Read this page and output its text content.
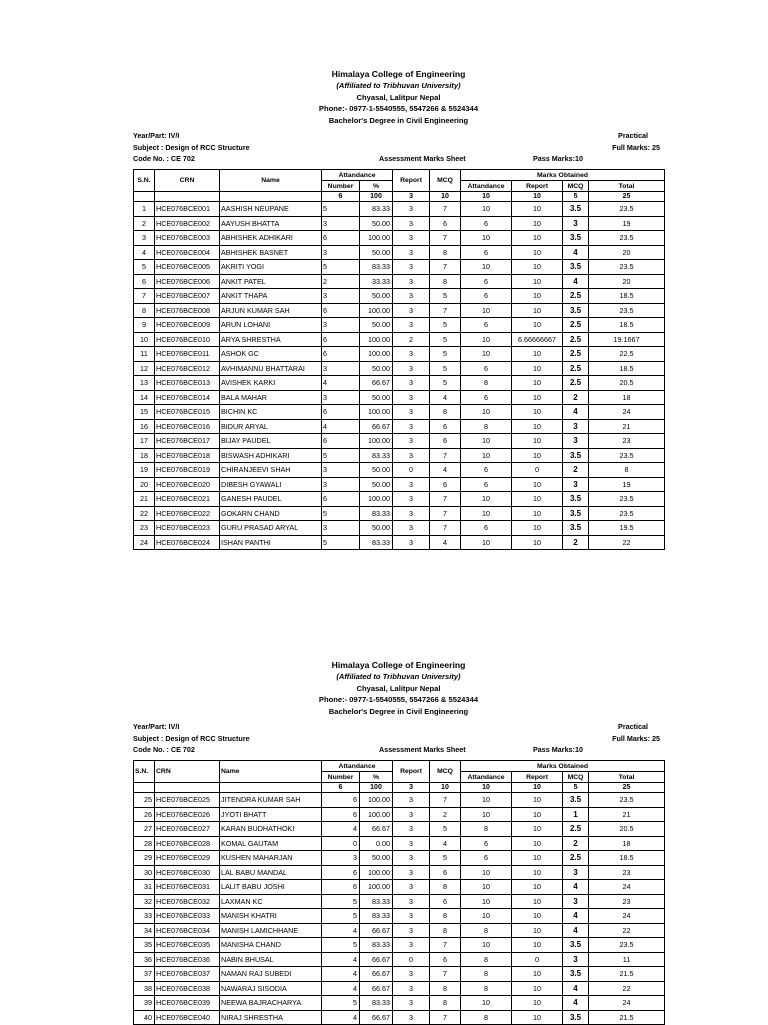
Himalaya College of Engineering
(Affiliated to Tribhuvan University)
Chyasal, Lalitpur Nepal
Phone:- 0977-1-5540555, 5547266 & 5524344
Bachelor's Degree in Civil Engineering
Year/Part: IV/I
Subject : Design of RCC Structure
Code No. : CE 702
Practical
Full Marks: 25
Assessment Marks Sheet	Pass Marks:10
S.N.	CRN	Name	Attandance		Report	MCQ	Marks Obtained			
			Number	%			Attandance	Report	MCQ	Total
			6	100	3	10	10	10	5	25
1	HCE076BCE001	AASHISH NEUPANE	5	83.33	3	7	10	10	3.5	23.5
2	HCE076BCE002	AAYUSH BHATTA	3	50.00	3	6	6	10	3	19
3	HCE076BCE003	ABHISHEK ADHIKARI	6	100.00	3	7	10	10	3.5	23.5
4	HCE076BCE004	ABHISHEK BASNET	3	50.00	3	8	6	10	4	20
5	HCE076BCE005	AKRITI YOGI	5	83.33	3	7	10	10	3.5	23.5
6	HCE076BCE006	ANKIT PATEL	2	33.33	3	8	6	10	4	20
7	HCE076BCE007	ANKIT THAPA	3	50.00	3	5	6	10	2.5	18.5
8	HCE076BCE008	ARJUN KUMAR SAH	6	100.00	3	7	10	10	3.5	23.5
9	HCE076BCE009	ARUN LOHANI	3	50.00	3	5	6	10	2.5	18.5
10	HCE076BCE010	ARYA SHRESTHA	6	100.00	2	5	10	6.66666667	2.5	19.1667
11	HCE076BCE011	ASHOK GC	6	100.00	3	5	10	10	2.5	22.5
12	HCE076BCE012	AVHIMANNU BHATTARAI	3	50.00	3	5	6	10	2.5	18.5
13	HCE076BCE013	AVISHEK KARKI	4	66.67	3	5	8	10	2.5	20.5
14	HCE076BCE014	BALA MAHAR	3	50.00	3	4	6	10	2	18
15	HCE076BCE015	BICHIN KC	6	100.00	3	8	10	10	4	24
16	HCE076BCE016	BIDUR ARYAL	4	66.67	3	6	8	10	3	21
17	HCE076BCE017	BIJAY PAUDEL	6	100.00	3	6	10	10	3	23
18	HCE076BCE018	BISWASH ADHIKARI	5	83.33	3	7	10	10	3.5	23.5
19	HCE076BCE019	CHIRANJEEVI SHAH	3	50.00	0	4	6	0	2	8
20	HCE076BCE020	DIBESH GYAWALI	3	50.00	3	6	6	10	3	19
21	HCE076BCE021	GANESH PAUDEL	6	100.00	3	7	10	10	3.5	23.5
22	HCE076BCE022	GOKARN CHAND	5	83.33	3	7	10	10	3.5	23.5
23	HCE076BCE023	GURU PRASAD ARYAL	3	50.00	3	7	6	10	3.5	19.5
24	HCE076BCE024	ISHAN PANTHI	5	83.33	3	4	10	10	2	22
Himalaya College of Engineering
(Affiliated to Tribhuvan University)
Chyasal, Lalitpur Nepal
Phone:- 0977-1-5540555, 5547266 & 5524344
Bachelor's Degree in Civil Engineering
Year/Part: IV/I
Subject : Design of RCC Structure
Code No. : CE 702
Practical
Full Marks: 25
Assessment Marks Sheet	Pass Marks:10
S.N.	CRN	Name	Attandance		Report	MCQ	Marks Obtained			
			Number	%			Attandance	Report	MCQ	Total
			6	100	3	10	10	10	5	25
25	HCE076BCE025	JITENDRA KUMAR SAH	6	100.00	3	7	10	10	3.5	23.5
26	HCE076BCE026	JYOTI BHATT	6	100.00	3	2	10	10	1	21
27	HCE076BCE027	KARAN BUDHATHOKI	4	66.67	3	5	8	10	2.5	20.5
28	HCE076BCE028	KOMAL GAUTAM	0	0.00	3	4	6	10	2	18
29	HCE076BCE029	KUSHEN MAHARJAN	3	50.00	3	5	6	10	2.5	18.5
30	HCE076BCE030	LAL BABU MANDAL	6	100.00	3	6	10	10	3	23
31	HCE076BCE031	LALIT BABU JOSHI	6	100.00	3	8	10	10	4	24
32	HCE076BCE032	LAXMAN KC	5	83.33	3	6	10	10	3	23
33	HCE076BCE033	MANISH KHATRI	5	83.33	3	8	10	10	4	24
34	HCE076BCE034	MANISH LAMICHHANE	4	66.67	3	8	8	10	4	22
35	HCE076BCE035	MANISHA CHAND	5	83.33	3	7	10	10	3.5	23.5
36	HCE076BCE036	NABIN BHUSAL	4	66.67	0	6	8	0	3	11
37	HCE076BCE037	NAMAN RAJ SUBEDI	4	66.67	3	7	8	10	3.5	21.5
38	HCE076BCE038	NAWARAJ SISODIA	4	66.67	3	8	8	10	4	22
39	HCE076BCE039	NEEWA BAJRACHARYA	5	83.33	3	8	10	10	4	24
40	HCE076BCE040	NIRAJ SHRESTHA	4	66.67	3	7	8	10	3.5	21.5
